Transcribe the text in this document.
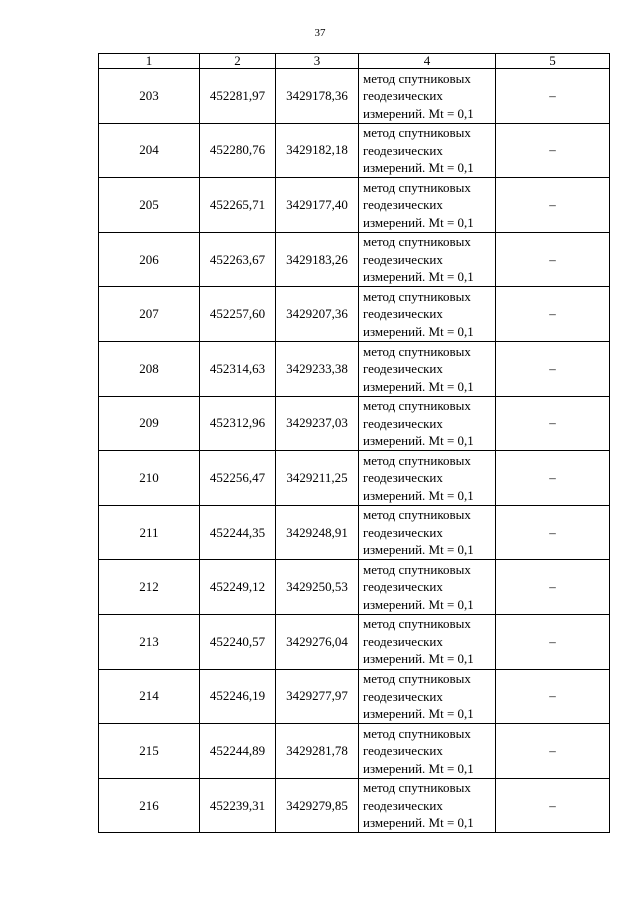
37
1	2	3	4	5
203	452281,97	3429178,36	метод спутниковых
геодезических
измерений. Mt = 0,1	–
204	452280,76	3429182,18	метод спутниковых
геодезических
измерений. Mt = 0,1	–
205	452265,71	3429177,40	метод спутниковых
геодезических
измерений. Mt = 0,1	–
206	452263,67	3429183,26	метод спутниковых
геодезических
измерений. Mt = 0,1	–
207	452257,60	3429207,36	метод спутниковых
геодезических
измерений. Mt = 0,1	–
208	452314,63	3429233,38	метод спутниковых
геодезических
измерений. Mt = 0,1	–
209	452312,96	3429237,03	метод спутниковых
геодезических
измерений. Mt = 0,1	–
210	452256,47	3429211,25	метод спутниковых
геодезических
измерений. Mt = 0,1	–
211	452244,35	3429248,91	метод спутниковых
геодезических
измерений. Mt = 0,1	–
212	452249,12	3429250,53	метод спутниковых
геодезических
измерений. Mt = 0,1	–
213	452240,57	3429276,04	метод спутниковых
геодезических
измерений. Mt = 0,1	–
214	452246,19	3429277,97	метод спутниковых
геодезических
измерений. Mt = 0,1	–
215	452244,89	3429281,78	метод спутниковых
геодезических
измерений. Mt = 0,1	–
216	452239,31	3429279,85	метод спутниковых
геодезических
измерений. Mt = 0,1	–
